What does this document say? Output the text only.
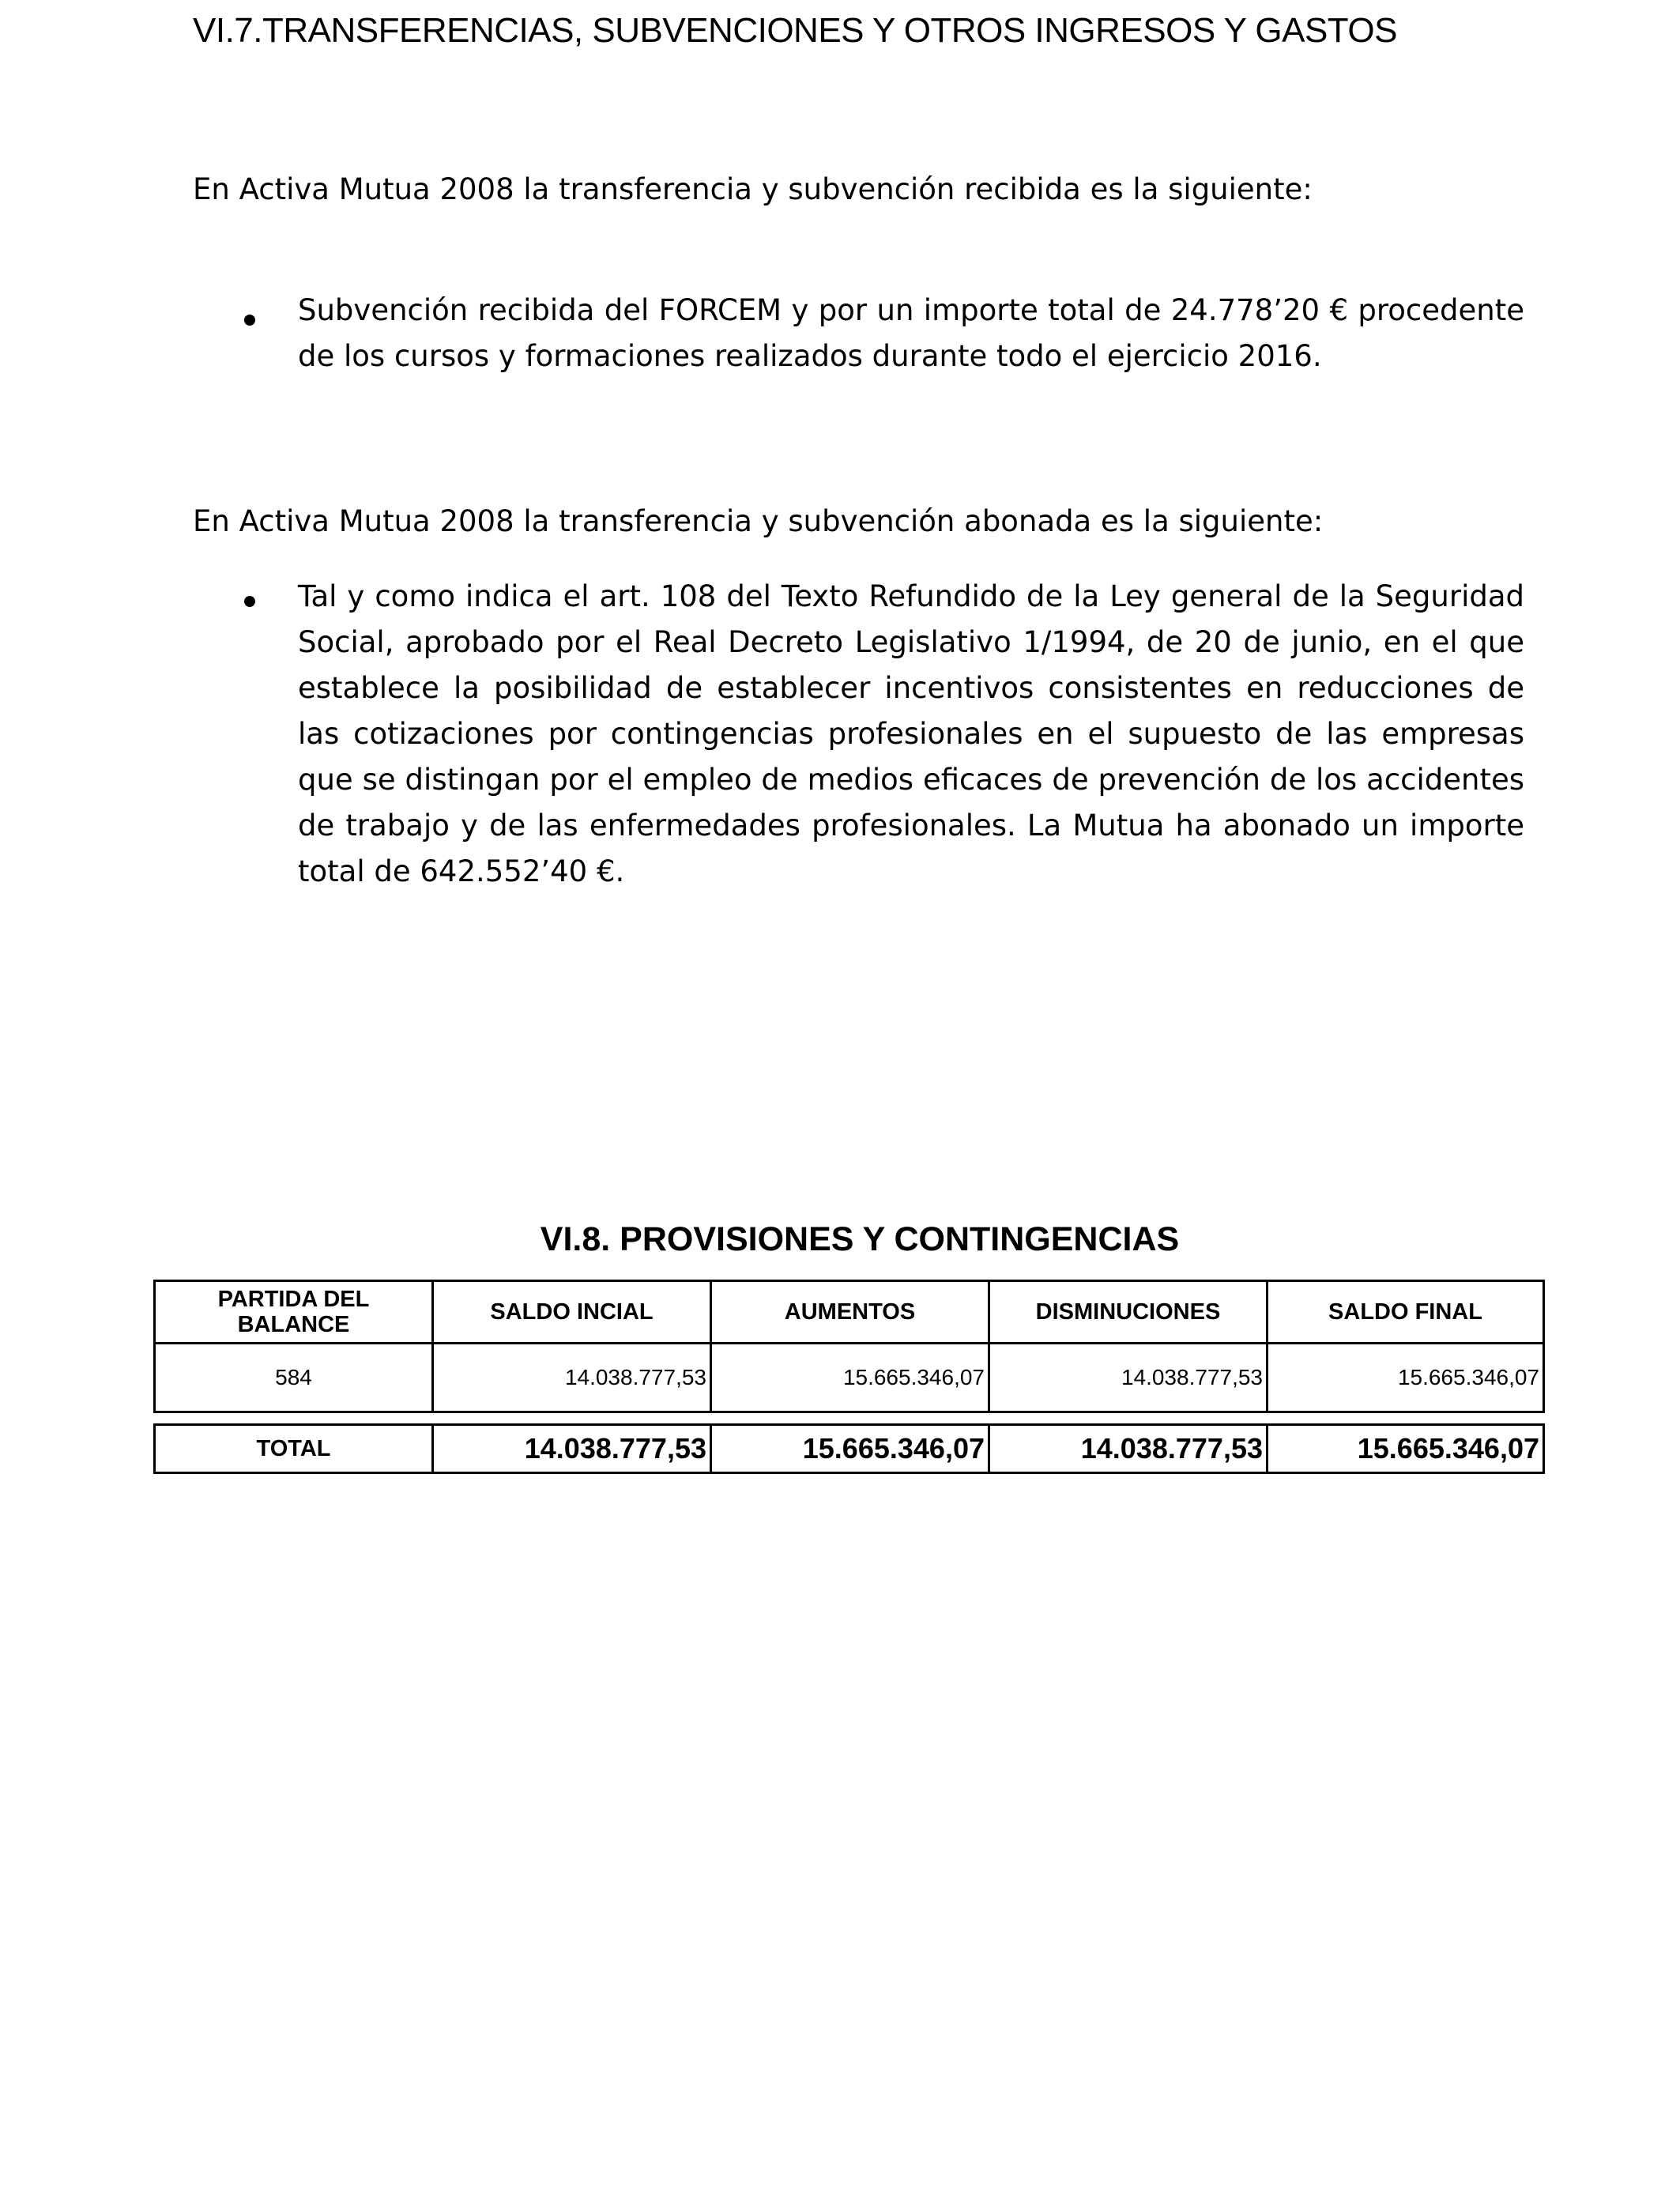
VI.7.TRANSFERENCIAS, SUBVENCIONES Y OTROS INGRESOS Y GASTOS
En Activa Mutua 2008 la transferencia y subvención recibida es la siguiente:
Subvención recibida del FORCEM y por un importe total de 24.778’20 € procedente de los cursos y formaciones realizados durante todo el ejercicio 2016.
En Activa Mutua 2008 la transferencia y subvención abonada es la siguiente:
Tal y como indica el art. 108 del Texto Refundido de la Ley general de la Seguridad Social, aprobado por el Real Decreto Legislativo 1/1994, de 20 de junio, en el que establece la posibilidad de establecer incentivos consistentes en reducciones de las cotizaciones por contingencias profesionales en el supuesto de las empresas que se distingan por el empleo de medios eficaces de prevención de los accidentes de trabajo y de las enfermedades profesionales. La Mutua ha abonado un importe total de 642.552’40 €.
VI.8. PROVISIONES Y CONTINGENCIAS
PARTIDA DEL BALANCE	SALDO INCIAL	AUMENTOS	DISMINUCIONES	SALDO FINAL
584	14.038.777,53	15.665.346,07	14.038.777,53	15.665.346,07
TOTAL	14.038.777,53	15.665.346,07	14.038.777,53	15.665.346,07
